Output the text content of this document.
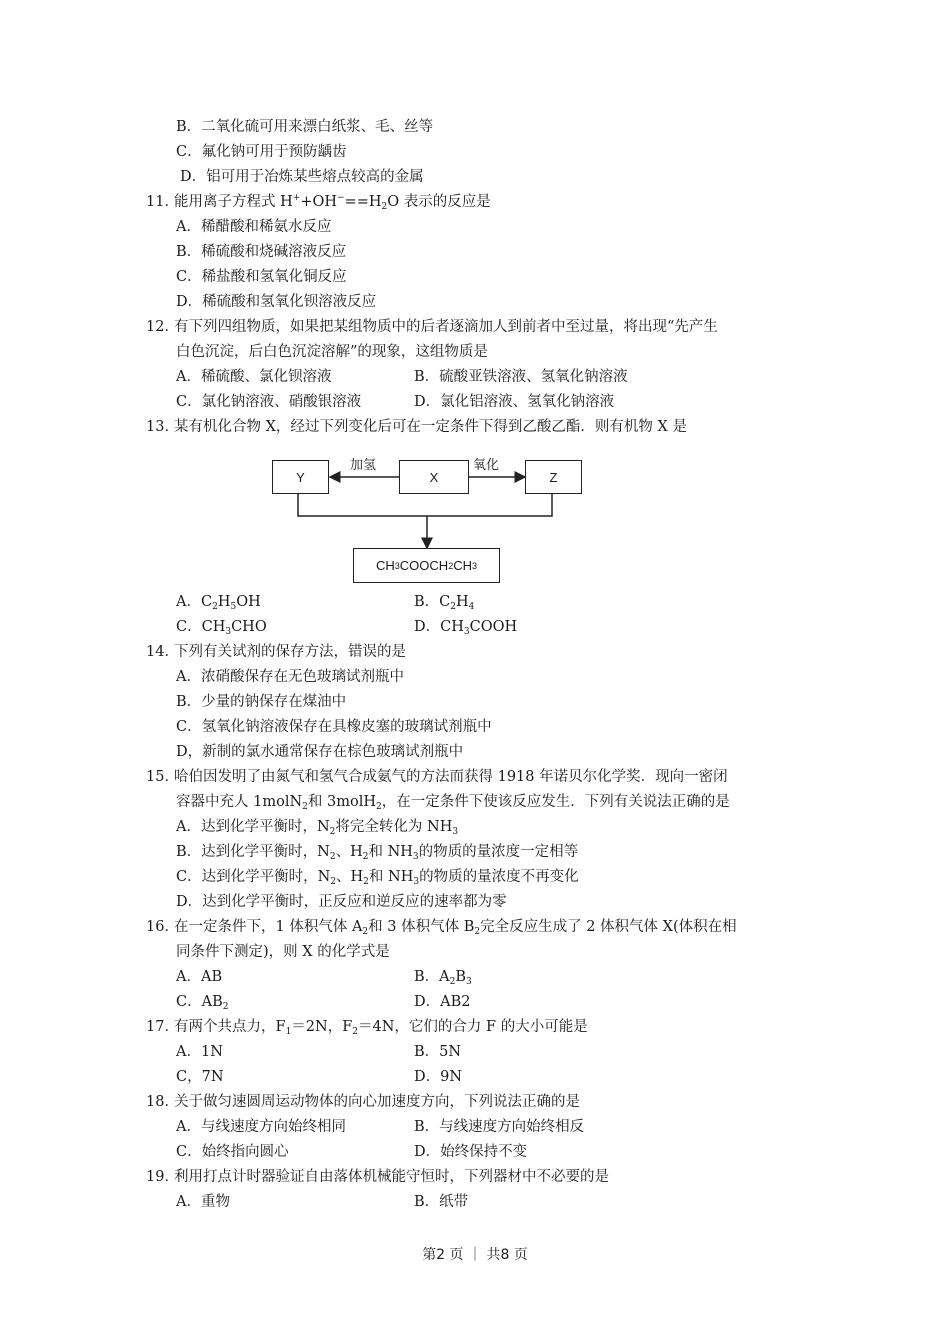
B．二氧化硫可用来漂白纸浆、毛、丝等
C．氟化钠可用于预防龋齿
D．铝可用于冶炼某些熔点较高的金属
11．能用离子方程式 $H^++OH^-==H_2O$ 表示的反应是
A．稀醋酸和稀氨水反应
B．稀硫酸和烧碱溶液反应
C．稀盐酸和氢氧化铜反应
D．稀硫酸和氢氧化钡溶液反应
12．有下列四组物质，如果把某组物质中的后者逐滴加人到前者中至过量，将出现“先产生
白色沉淀，后白色沉淀溶解”的现象，这组物质是
A．稀硫酸、氯化钡溶液	B．硫酸亚铁溶液、氢氧化钠溶液
C．氯化钠溶液、硝酸银溶液	D．氯化铝溶液、氢氧化钠溶液
13．某有机化合物 X，经过下列变化后可在一定条件下得到乙酸乙酯．则有机物 X 是
Y	X	Z
加氢	氧化
CH 3 COOCH 2 CH 3
A．$C_2H_5OH$	B．$C_2H_4$
C．$CH_3CHO$	D．$CH_3COOH$
14．下列有关试剂的保存方法，错误的是
A．浓硝酸保存在无色玻璃试剂瓶中
B．少量的钠保存在煤油中
C．氢氧化钠溶液保存在具橡皮塞的玻璃试剂瓶中
D，新制的氯水通常保存在棕色玻璃试剂瓶中
15．哈伯因发明了由氮气和氢气合成氨气的方法而获得 1918 年诺贝尔化学奖．现向一密闭
容器中充人 1molN$_2$和 3molH$_2$，在一定条件下使该反应发生．下列有关说法正确的是
A．达到化学平衡时，$N_2$将完全转化为 $NH_3$
B．达到化学平衡时，$N_2$、$H_2$和 $NH_3$的物质的量浓度一定相等
C．达到化学平衡时，$N_2$、$H_2$和 $NH_3$的物质的量浓度不再变化
D．达到化学平衡时，正反应和逆反应的速率都为零
16．在一定条件下，1 体积气体 $A_2$和 3 体积气体 $B_2$完全反应生成了 2 体积气体 X(体积在相
同条件下测定)，则 X 的化学式是
A．AB	B．$A_2B_3$
C．$AB_2$	D．AB2
17．有两个共点力，$F_1=2N$，$F_2=4N$，它们的合力 F 的大小可能是
A．1N	B．5N
C，7N	D．9N
18．关于做匀速圆周运动物体的向心加速度方向，下列说法正确的是
A．与线速度方向始终相同	B．与线速度方向始终相反
C．始终指向圆心	D．始终保持不变
19．利用打点计时器验证自由落体机械能守恒时，下列器材中不必要的是
A．重物	B．纸带
第2 页 ｜ 共8 页
